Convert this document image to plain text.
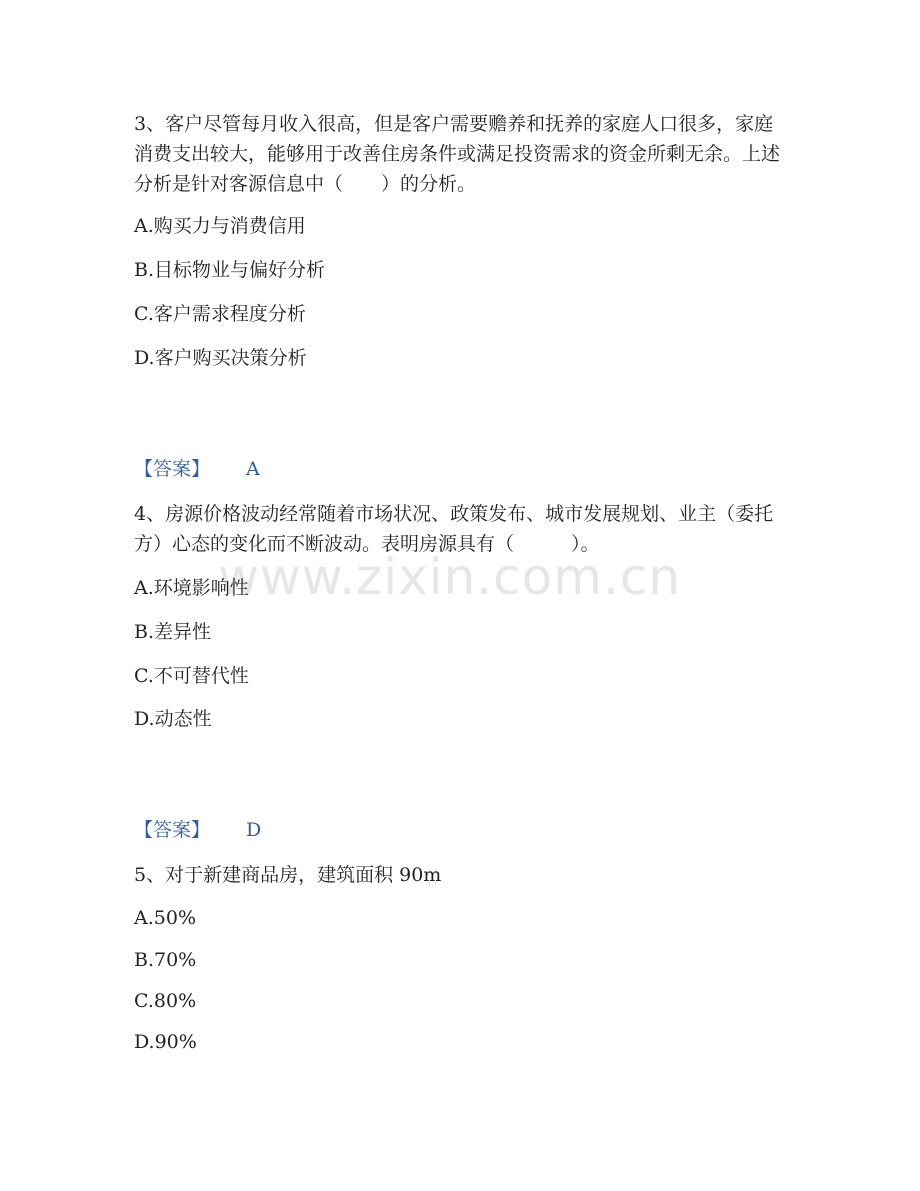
www.zixin.com.cn
3、客户尽管每月收入很高，但是客户需要赡养和抚养的家庭人口很多，家庭消费支出较大，能够用于改善住房条件或满足投资需求的资金所剩无余。上述分析是针对客源信息中（　　）的分析。
A.购买力与消费信用
B.目标物业与偏好分析
C.客户需求程度分析
D.客户购买决策分析
【答案】 A
4、房源价格波动经常随着市场状况、政策发布、城市发展规划、业主（委托方）心态的变化而不断波动。表明房源具有（　　　）。
A.环境影响性
B.差异性
C.不可替代性
D.动态性
【答案】 D
5、对于新建商品房，建筑面积 90m
A.50%
B.70%
C.80%
D.90%
